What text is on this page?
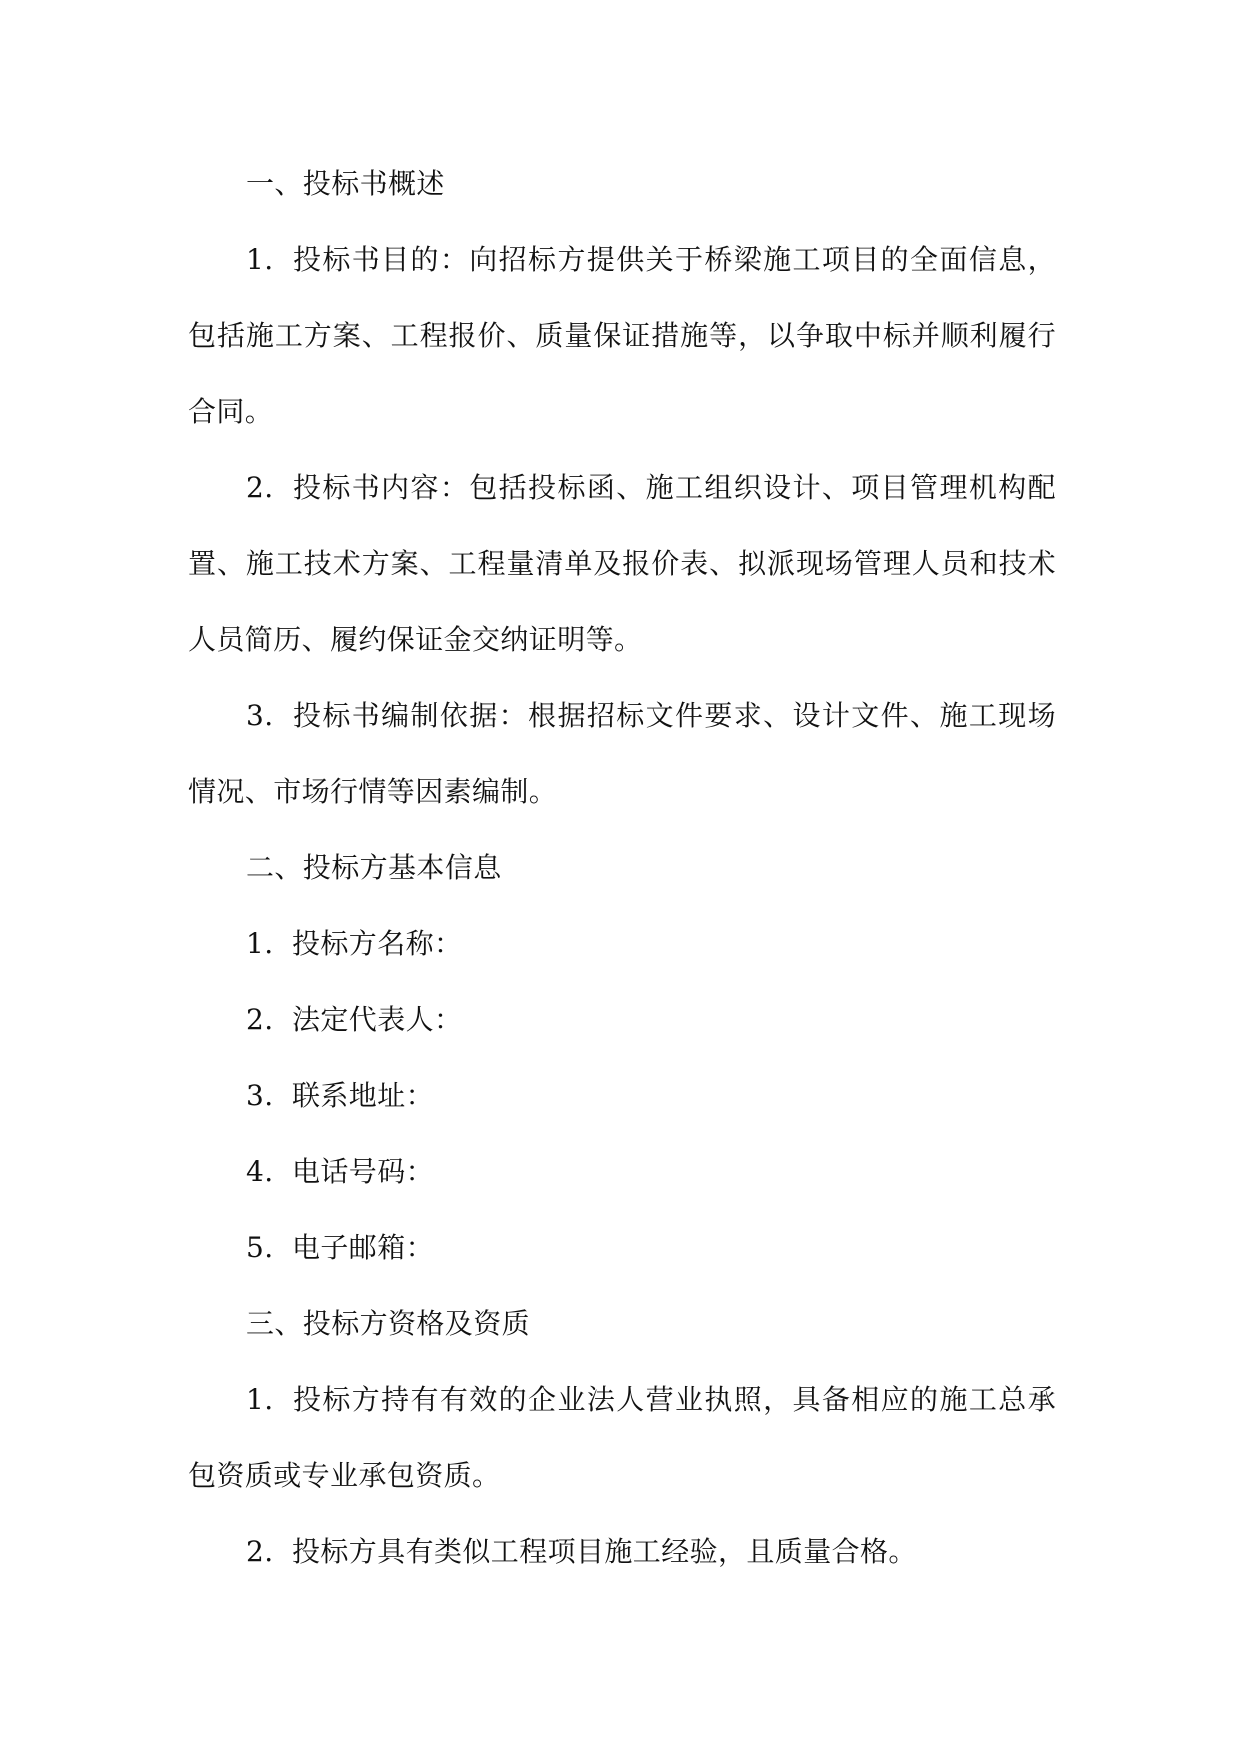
一、投标书概述

1. 投标书目的：向招标方提供关于桥梁施工项目的全面信息，包括施工方案、工程报价、质量保证措施等，以争取中标并顺利履行合同。

2. 投标书内容：包括投标函、施工组织设计、项目管理机构配置、施工技术方案、工程量清单及报价表、拟派现场管理人员和技术人员简历、履约保证金交纳证明等。

3. 投标书编制依据：根据招标文件要求、设计文件、施工现场情况、市场行情等因素编制。

二、投标方基本信息

1. 投标方名称：

2. 法定代表人：

3. 联系地址：

4. 电话号码：

5. 电子邮箱：

三、投标方资格及资质

1. 投标方持有有效的企业法人营业执照，具备相应的施工总承包资质或专业承包资质。

2. 投标方具有类似工程项目施工经验，且质量合格。
